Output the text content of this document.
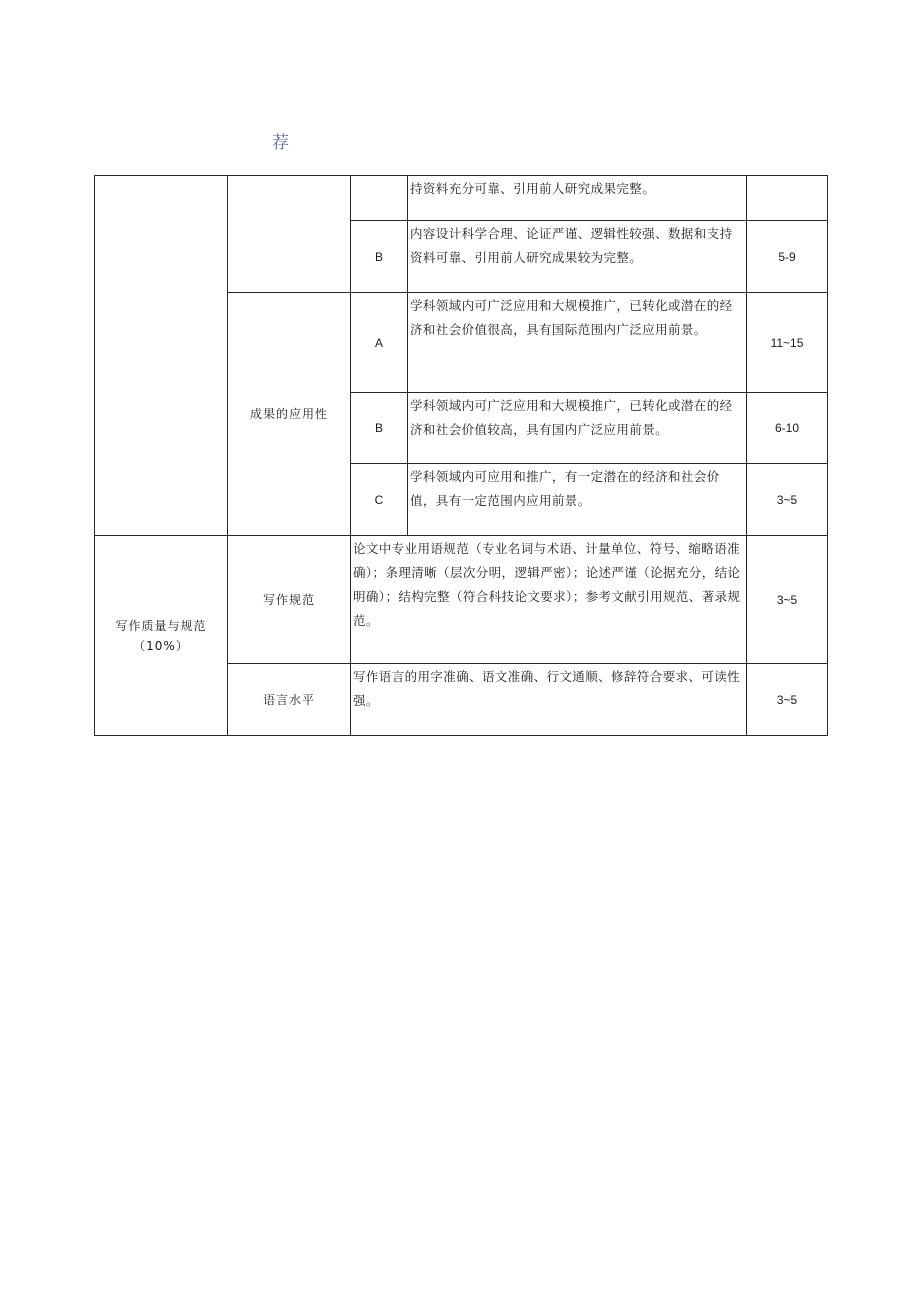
荐
			持资料充分可靠、引用前人研究成果完整。	
		B	内容设计科学合理、论证严谨、逻辑性较强、数据和支持资料可靠、引用前人研究成果较为完整。	5-9
	成果的应用性	A	学科领域内可广泛应用和大规模推广，已转化或潜在的经济和社会价值很高，具有国际范围内广泛应用前景。	11~15
		B	学科领域内可广泛应用和大规模推广，已转化或潜在的经济和社会价值较高，具有国内广泛应用前景。	6-10
		C	学科领域内可应用和推广，有一定潜在的经济和社会价值，具有一定范围内应用前景。	3~5
写作质量与规范
（10%）	写作规范	论文中专业用语规范（专业名词与术语、计量单位、符号、缩略语准确）；条理清晰（层次分明，逻辑严密）；论述严谨（论据充分，结论明确）；结构完整（符合科技论文要求）；参考文献引用规范、著录规范。	3~5
	语言水平	写作语言的用字准确、语文准确、行文通顺、修辞符合要求、可读性强。	3~5
